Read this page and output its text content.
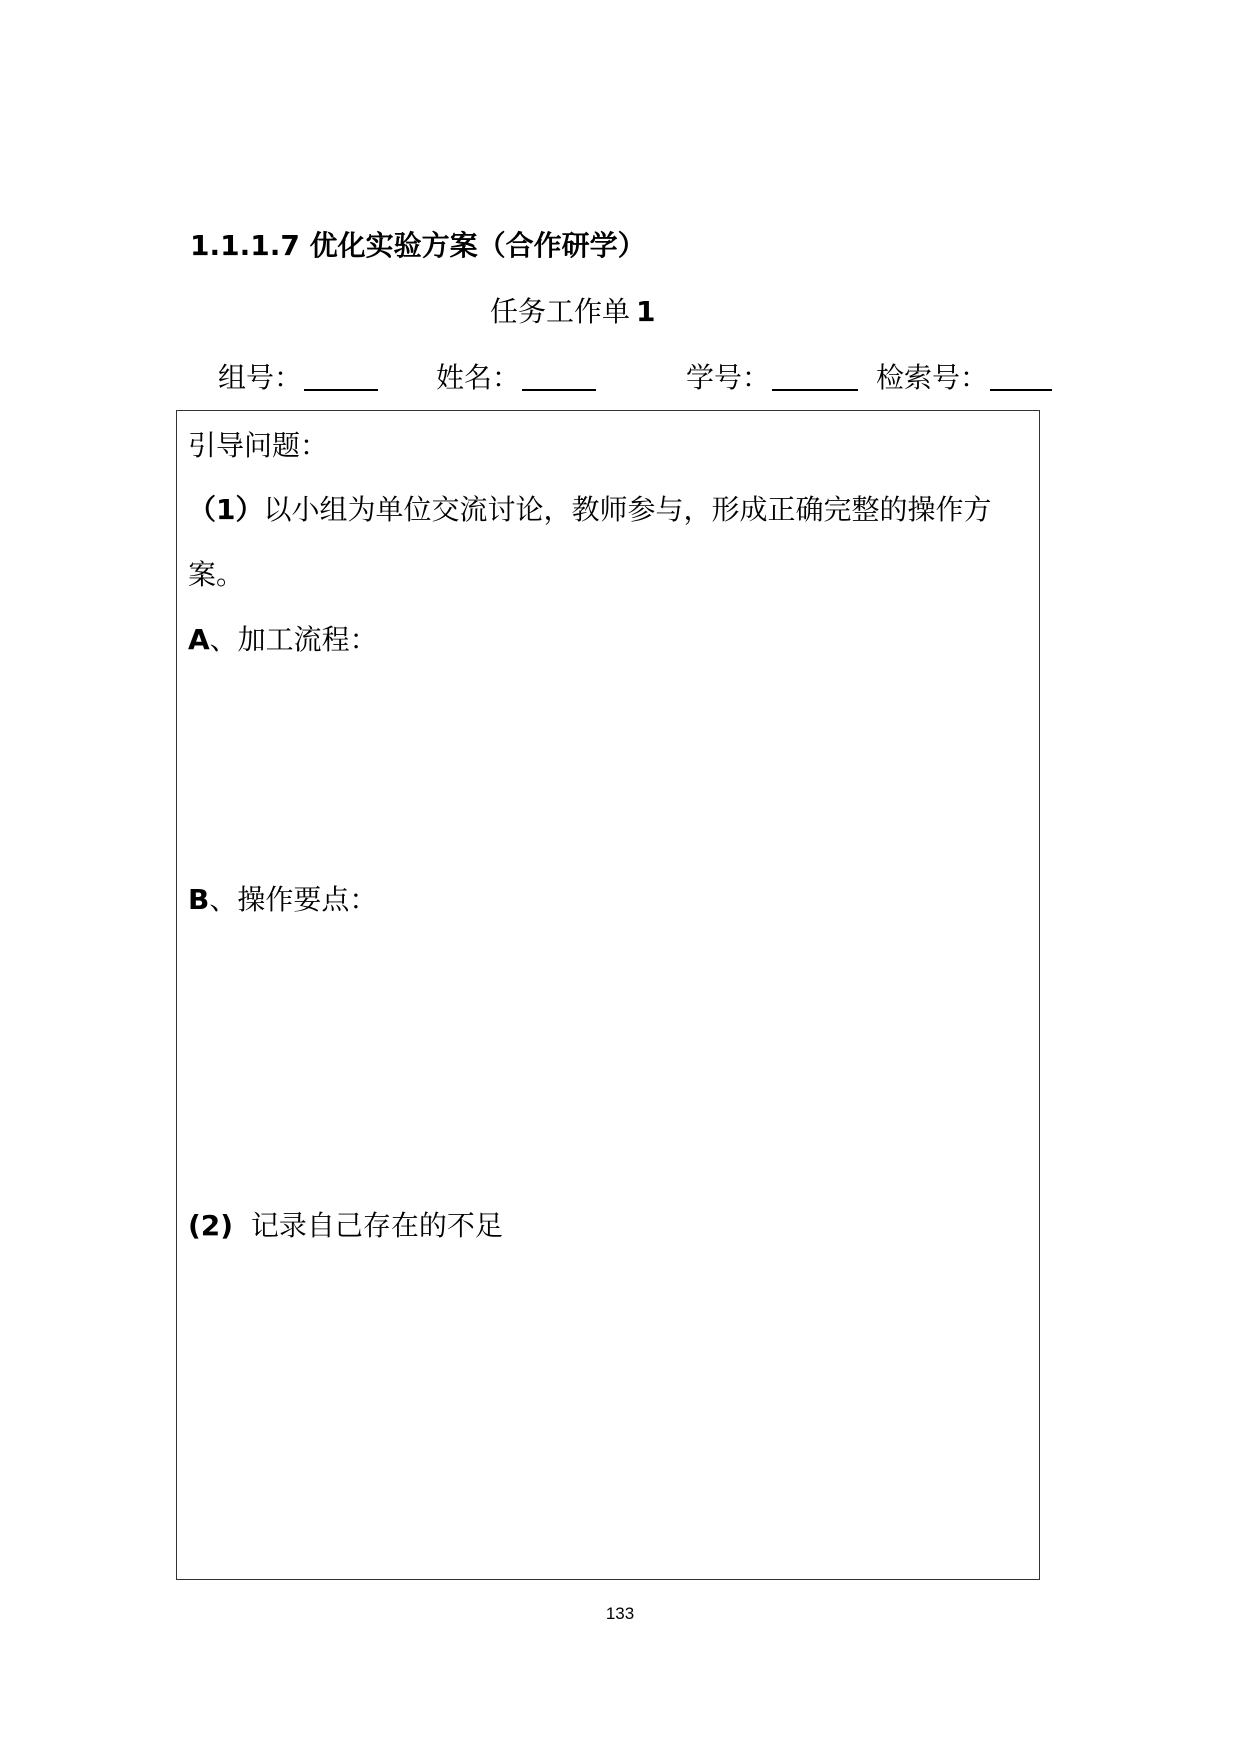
1.1.1.7 优化实验方案（合作研学）
任务工作单 1
组号：	姓名：	学号：	检索号：
引导问题：
（1）以小组为单位交流讨论，教师参与，形成正确完整的操作方
案。
A、加工流程：
B、操作要点：
(2) 记录自己存在的不足
133
